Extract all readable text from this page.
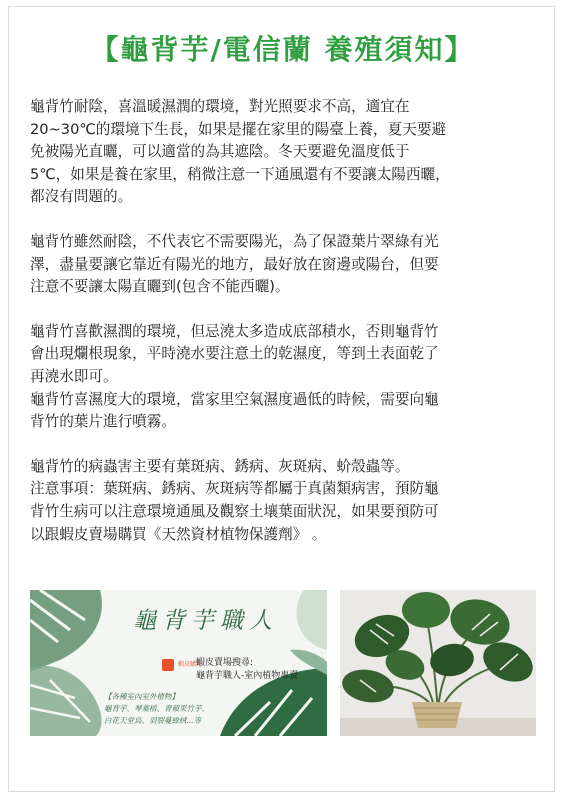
【龜背芋/電信蘭 養殖須知】
龜背竹耐陰，喜溫暖濕潤的環境，對光照要求不高，適宜在
20~30℃的環境下生長，如果是擺在家里的陽臺上養，夏天要避
免被陽光直曬，可以適當的為其遮陰。冬天要避免溫度低于
5℃，如果是養在家里，稍微注意一下通風還有不要讓太陽西曬，
都沒有問題的。
龜背竹雖然耐陰，不代表它不需要陽光，為了保證葉片翠綠有光
澤，盡量要讓它靠近有陽光的地方，最好放在窗邊或陽台，但要
注意不要讓太陽直曬到(包含不能西曬)。
龜背竹喜歡濕潤的環境，但忌澆太多造成底部積水，否則龜背竹
會出現爛根現象，平時澆水要注意土的乾濕度，等到土表面乾了
再澆水即可。
龜背竹喜濕度大的環境，當家里空氣濕度過低的時候，需要向龜
背竹的葉片進行噴霧。
龜背竹的病蟲害主要有葉斑病、銹病、灰斑病、蚧殼蟲等。
注意事項：葉斑病、銹病、灰斑病等都屬于真菌類病害，預防龜
背竹生病可以注意環境通風及觀察土壤葉面狀況，如果要預防可
以跟蝦皮賣場購買《天然資材植物保護劑》 。
龜背芋職人
蝦皮購物
蝦皮賣場搜尋:
龜背芋職人-室內植物專賣
【各種室內室外植物】
龜背芋、琴葉榕、青蘋果竹芋、
白花天堂鳥、羽裂蔓綠絨...等
